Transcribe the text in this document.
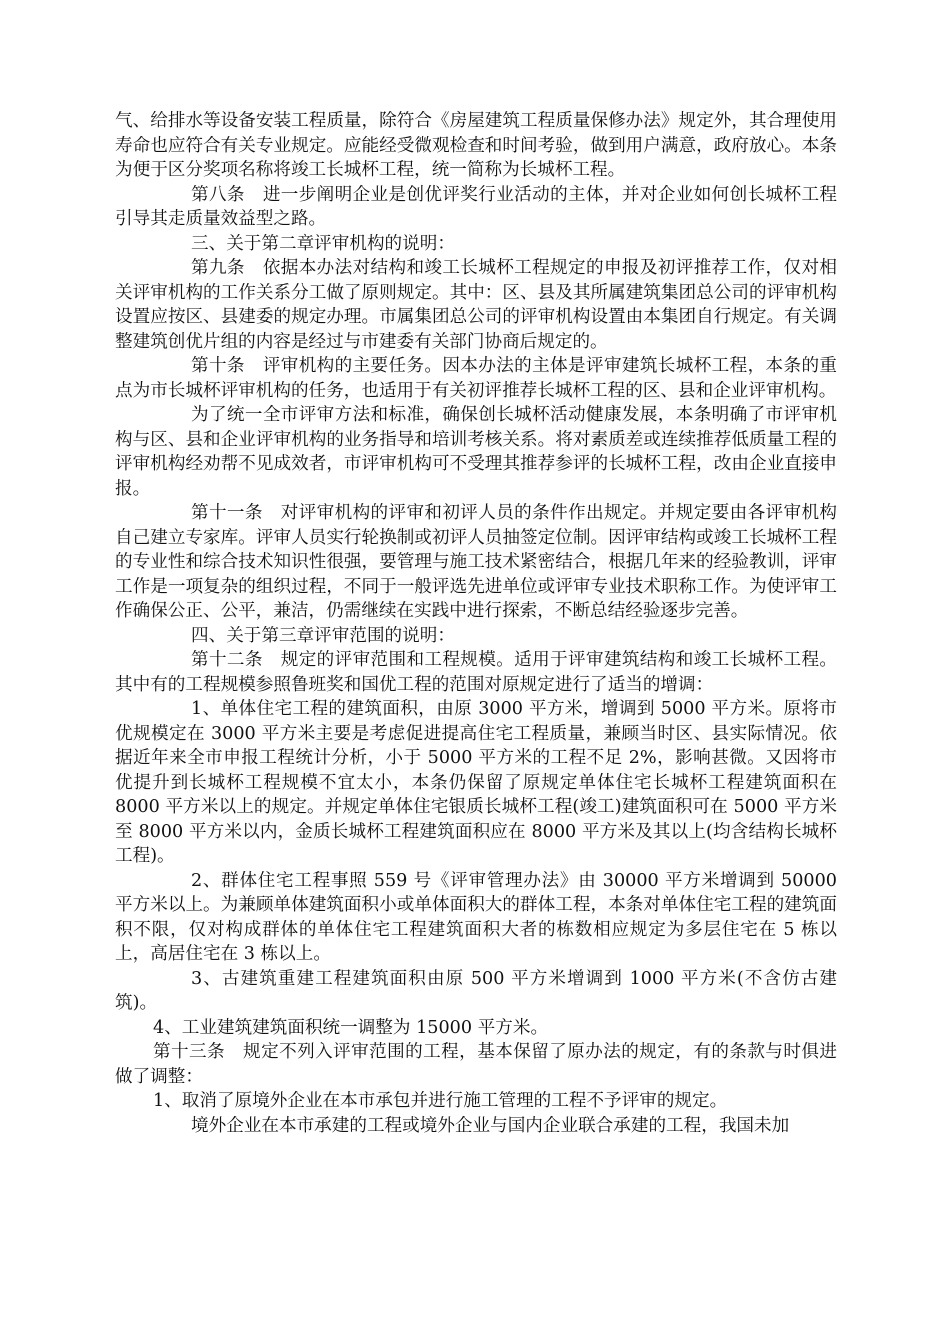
气、给排水等设备安装工程质量，除符合《房屋建筑工程质量保修办法》规定外，其合理使用寿命也应符合有关专业规定。应能经受微观检查和时间考验，做到用户满意，政府放心。本条为便于区分奖项名称将竣工长城杯工程，统一简称为长城杯工程。

第八条　进一步阐明企业是创优评奖行业活动的主体，并对企业如何创长城杯工程引导其走质量效益型之路。

三、关于第二章评审机构的说明：

第九条　依据本办法对结构和竣工长城杯工程规定的申报及初评推荐工作，仅对相关评审机构的工作关系分工做了原则规定。其中：区、县及其所属建筑集团总公司的评审机构设置应按区、县建委的规定办理。市属集团总公司的评审机构设置由本集团自行规定。有关调整建筑创优片组的内容是经过与市建委有关部门协商后规定的。

第十条　评审机构的主要任务。因本办法的主体是评审建筑长城杯工程，本条的重点为市长城杯评审机构的任务，也适用于有关初评推荐长城杯工程的区、县和企业评审机构。

为了统一全市评审方法和标准，确保创长城杯活动健康发展，本条明确了市评审机构与区、县和企业评审机构的业务指导和培训考核关系。将对素质差或连续推荐低质量工程的评审机构经劝帮不见成效者，市评审机构可不受理其推荐参评的长城杯工程，改由企业直接申报。

第十一条　对评审机构的评审和初评人员的条件作出规定。并规定要由各评审机构自己建立专家库。评审人员实行轮换制或初评人员抽签定位制。因评审结构或竣工长城杯工程的专业性和综合技术知识性很强，要管理与施工技术紧密结合，根据几年来的经验教训，评审工作是一项复杂的组织过程，不同于一般评选先进单位或评审专业技术职称工作。为使评审工作确保公正、公平，兼洁，仍需继续在实践中进行探索，不断总结经验逐步完善。

四、关于第三章评审范围的说明：

第十二条　规定的评审范围和工程规模。适用于评审建筑结构和竣工长城杯工程。其中有的工程规模参照鲁班奖和国优工程的范围对原规定进行了适当的增调：

1、单体住宅工程的建筑面积，由原 3000 平方米，增调到 5000 平方米。原将市优规模定在 3000 平方米主要是考虑促进提高住宅工程质量，兼顾当时区、县实际情况。依据近年来全市申报工程统计分析，小于 5000 平方米的工程不足 2%，影响甚微。又因将市优提升到长城杯工程规模不宜太小，本条仍保留了原规定单体住宅长城杯工程建筑面积在 8000 平方米以上的规定。并规定单体住宅银质长城杯工程(竣工)建筑面积可在 5000 平方米至 8000 平方米以内，金质长城杯工程建筑面积应在 8000 平方米及其以上(均含结构长城杯工程)。

2、群体住宅工程事照 559 号《评审管理办法》由 30000 平方米增调到 50000 平方米以上。为兼顾单体建筑面积小或单体面积大的群体工程，本条对单体住宅工程的建筑面积不限，仅对构成群体的单体住宅工程建筑面积大者的栋数相应规定为多层住宅在 5 栋以上，高居住宅在 3 栋以上。

3、古建筑重建工程建筑面积由原 500 平方米增调到 1000 平方米(不含仿古建筑)。

4、工业建筑建筑面积统一调整为 15000 平方米。

第十三条　规定不列入评审范围的工程，基本保留了原办法的规定，有的条款与时俱进做了调整：

1、取消了原境外企业在本市承包并进行施工管理的工程不予评审的规定。

境外企业在本市承建的工程或境外企业与国内企业联合承建的工程，我国未加
